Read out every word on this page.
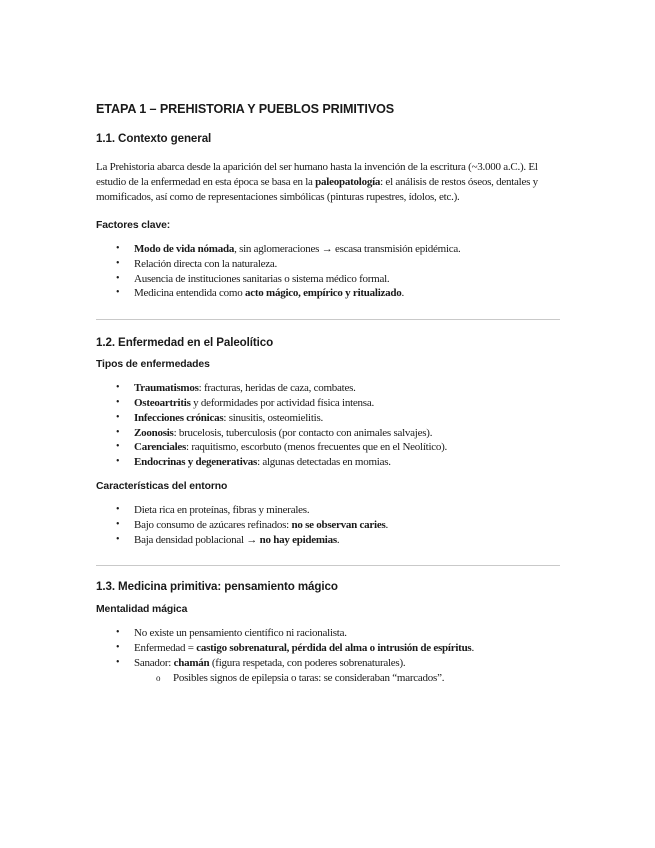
ETAPA 1 – PREHISTORIA Y PUEBLOS PRIMITIVOS
1.1. Contexto general

La Prehistoria abarca desde la aparición del ser humano hasta la invención de la escritura (~3.000 a.C.). El estudio de la enfermedad en esta época se basa en la paleopatología: el análisis de restos óseos, dentales y momificados, así como de representaciones simbólicas (pinturas rupestres, ídolos, etc.).

Factores clave:
• Modo de vida nómada, sin aglomeraciones → escasa transmisión epidémica.
• Relación directa con la naturaleza.
• Ausencia de instituciones sanitarias o sistema médico formal.
• Medicina entendida como acto mágico, empírico y ritualizado.
1.2. Enfermedad en el Paleolítico
Tipos de enfermedades
• Traumatismos: fracturas, heridas de caza, combates.
• Osteoartritis y deformidades por actividad física intensa.
• Infecciones crónicas: sinusitis, osteomielitis.
• Zoonosis: brucelosis, tuberculosis (por contacto con animales salvajes).
• Carenciales: raquitismo, escorbuto (menos frecuentes que en el Neolítico).
• Endocrinas y degenerativas: algunas detectadas en momias.
Características del entorno
• Dieta rica en proteínas, fibras y minerales.
• Bajo consumo de azúcares refinados: no se observan caries.
• Baja densidad poblacional → no hay epidemias.
1.3. Medicina primitiva: pensamiento mágico
Mentalidad mágica
• No existe un pensamiento científico ni racionalista.
• Enfermedad = castigo sobrenatural, pérdida del alma o intrusión de espíritus.
• Sanador: chamán (figura respetada, con poderes sobrenaturales).
o Posibles signos de epilepsia o taras: se consideraban “marcados”.
